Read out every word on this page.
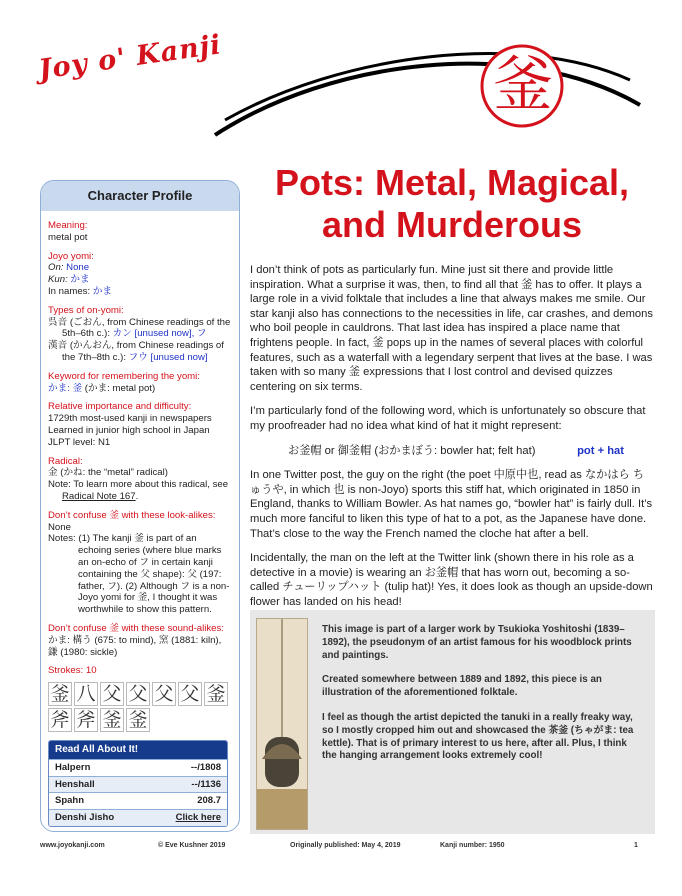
Joy o' Kanji	釜
Character Profile
Meaning:
metal pot
Joyo yomi:
On: None
Kun: かま
In names: かま
Types of on-yomi:
呉音 (ごおん, from Chinese readings of the 5th–6th c.): カン [unused now], フ
漢音 (かんおん, from Chinese readings of the 7th–8th c.): フウ [unused now]
Keyword for remembering the yomi:
かま: 釜 (かま: metal pot)
Relative importance and difficulty:
1729th most-used kanji in newspapers
Learned in junior high school in Japan
JLPT level: N1
Radical:
金 (かね: the “metal” radical)
Note: To learn more about this radical, see Radical Note 167.
Don’t confuse 釜 with these look-alikes:
None
Notes: (1) The kanji 釜 is part of an echoing series (where blue marks an on-echo of フ in certain kanji containing the 父 shape): 父 (197: father, フ). (2) Although フ is a non-Joyo yomi for 釜, I thought it was worthwhile to show this pattern.
Don’t confuse 釜 with these sound-alikes:
かま: 構う (675: to mind), 窯 (1881: kiln), 鎌 (1980: sickle)
Strokes: 10
釜 八 父 父 父 父 釜
斧 斧 釜 釜
Read All About It!
Halpern	--/1808
Henshall	--/1136
Spahn	208.7
Denshi Jisho	Click here
Pots: Metal, Magical, and Murderous

I don’t think of pots as particularly fun. Mine just sit there and provide little inspiration. What a surprise it was, then, to find all that 釜 has to offer. It plays a large role in a vivid folktale that includes a line that always makes me smile. Our star kanji also has connections to the necessities in life, car crashes, and demons who boil people in cauldrons. That last idea has inspired a place name that frightens people. In fact, 釜 pops up in the names of several places with colorful features, such as a waterfall with a legendary serpent that lives at the base. I was taken with so many 釜 expressions that I lost control and devised quizzes centering on six terms.

I’m particularly fond of the following word, which is unfortunately so obscure that my proofreader had no idea what kind of hat it might represent:

お釜帽 or 御釜帽 (おかまぼう: bowler hat; felt hat)	pot + hat

In one Twitter post, the guy on the right (the poet 中原中也, read as なかはら ちゅうや, in which 也 is non-Joyo) sports this stiff hat, which originated in 1850 in England, thanks to William Bowler. As hat names go, “bowler hat” is fairly dull. It’s much more fanciful to liken this type of hat to a pot, as the Japanese have done. That’s close to the way the French named the cloche hat after a bell.

Incidentally, the man on the left at the Twitter link (shown there in his role as a detective in a movie) is wearing an お釜帽 that has worn out, becoming a so-called チューリップハット (tulip hat)! Yes, it does look as though an upside-down flower has landed on his head!

This image is part of a larger work by Tsukioka Yoshitoshi (1839–1892), the pseudonym of an artist famous for his woodblock prints and paintings.

Created somewhere between 1889 and 1892, this piece is an illustration of the aforementioned folktale.

I feel as though the artist depicted the tanuki in a really freaky way, so I mostly cropped him out and showcased the 茶釜 (ちゃがま: tea kettle). That is of primary interest to us here, after all. Plus, I think the hanging arrangement looks extremely cool!

www.joyokanji.com	© Eve Kushner 2019	Originally published: May 4, 2019	Kanji number: 1950	1
